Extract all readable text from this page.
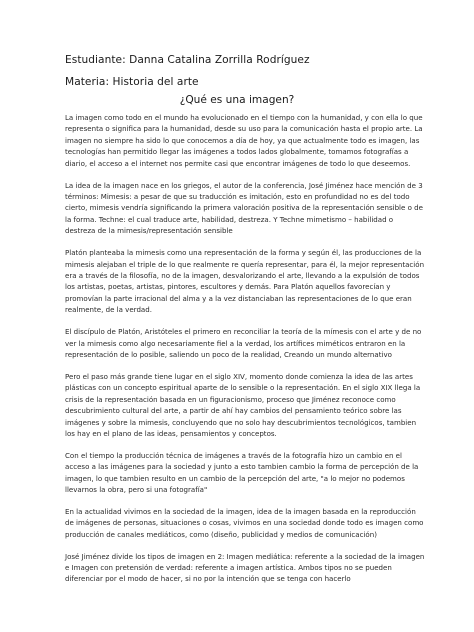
Estudiante: Danna Catalina Zorrilla Rodríguez
Materia: Historia del arte
¿Qué es una imagen?

La imagen como todo en el mundo ha evolucionado en el tiempo con la humanidad, y con ella lo que representa o significa para la humanidad, desde su uso para la comunicación hasta el propio arte. La imagen no siempre ha sido lo que conocemos a día de hoy, ya que actualmente todo es imagen, las tecnologías han permitido llegar las imágenes a todos lados globalmente, tomamos fotografías a diario, el acceso a el internet nos permite casi que encontrar imágenes de todo lo que deseemos.

La idea de la imagen nace en los griegos, el autor de la conferencia, José Jiménez hace mención de 3 términos: Mimesis: a pesar de que su traducción es imitación, esto en profundidad no es del todo cierto, mimesis vendría significando la primera valoración positiva de la representación sensible o de la forma. Techne: el cual traduce arte, habilidad, destreza. Y Techne mimetismo – habilidad o destreza de la mimesis/representación sensible

Platón planteaba la mimesis como una representación de la forma y según él, las producciones de la mimesis alejaban el triple de lo que realmente re quería representar, para él, la mejor representación era a través de la filosofía, no de la imagen, desvalorizando el arte, llevando a la expulsión de todos los artistas, poetas, artistas, pintores, escultores y demás. Para Platón aquellos favorecían y promovían la parte irracional del alma y a la vez distanciaban las representaciones de lo que eran realmente, de la verdad.

El discípulo de Platón, Aristóteles el primero en reconciliar la teoría de la mímesis con el arte y de no ver la mimesis como algo necesariamente fiel a la verdad, los artífices miméticos entraron en la representación de lo posible, saliendo un poco de la realidad, Creando un mundo alternativo

Pero el paso más grande tiene lugar en el siglo XIV, momento donde comienza la idea de las artes plásticas con un concepto espiritual aparte de lo sensible o la representación. En el siglo XIX llega la crisis de la representación basada en un figuracionismo, proceso que Jiménez reconoce como descubrimiento cultural del arte, a partir de ahí hay cambios del pensamiento teórico sobre las imágenes y sobre la mimesis, concluyendo que no solo hay descubrimientos tecnológicos, tambien los hay en el plano de las ideas, pensamientos y conceptos.

Con el tiempo la producción técnica de imágenes a través de la fotografía hizo un cambio en el acceso a las imágenes para la sociedad y junto a esto tambien cambio la forma de percepción de la imagen, lo que tambien resulto en un cambio de la percepción del arte, "a lo mejor no podemos llevarnos la obra, pero si una fotografía"

En la actualidad vivimos en la sociedad de la imagen, idea de la imagen basada en la reproducción de imágenes de personas, situaciones o cosas, vivimos en una sociedad donde todo es imagen como producción de canales mediáticos, como (diseño, publicidad y medios de comunicación)

José Jiménez divide los tipos de imagen en 2: Imagen mediática: referente a la sociedad de la imagen e Imagen con pretensión de verdad: referente a imagen artística. Ambos tipos no se pueden diferenciar por el modo de hacer, si no por la intención que se tenga con hacerlo
